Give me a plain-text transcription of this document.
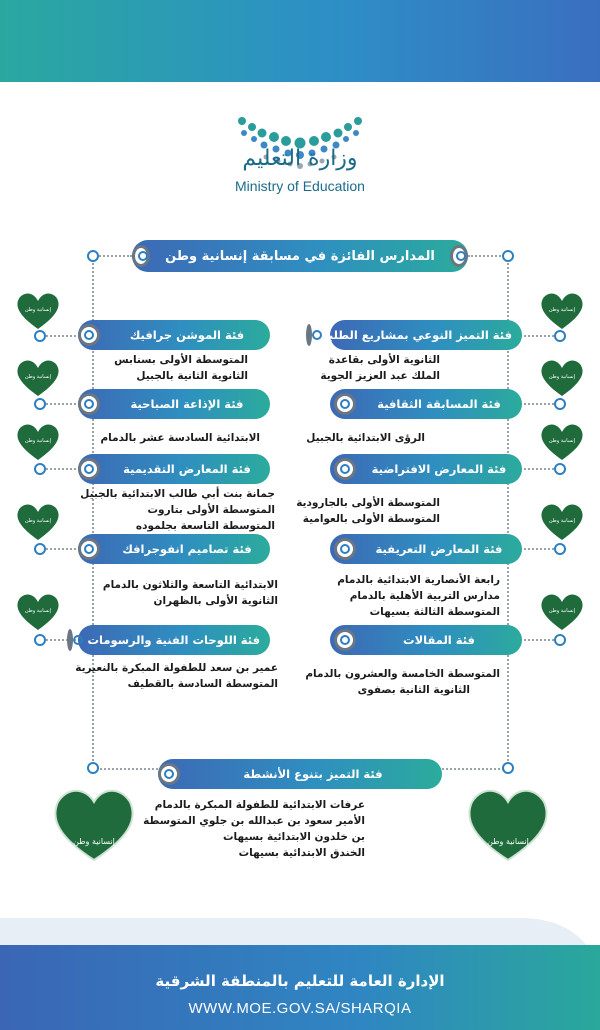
وزارة التعليم
Ministry of Education
المدارس الفائزة في مسابقة إنسانية وطن
إنسانية وطن
إنسانية وطن
إنسانية وطن
إنسانية وطن
إنسانية وطن
إنسانية وطن
إنسانية وطن
إنسانية وطن
إنسانية وطن
إنسانية وطن
فئة التميز النوعي بمشاريع الطلبة
الثانوية الأولى بقاعدة
الملك عبد العزيز الجوية
فئة المسابقة الثقافية
الرؤى الابتدائية بالجبيل
فئة المعارض الافتراضية
المتوسطة الأولى بالجارودية
المتوسطة الأولى بالعوامية
فئة المعارض التعريفية
رابعة الأنصارية الابتدائية بالدمام
مدارس التربية الأهلية بالدمام
المتوسطة الثالثة بسيهات
فئة المقالات
المتوسطة الخامسة والعشرون بالدمام
الثانوية الثانية بصفوى
فئة الموشن جرافيك
المتوسطة الأولى بسنابس
الثانوية الثانية بالجبيل
فئة الإذاعة الصباحية
الابتدائية السادسة عشر بالدمام
فئة المعارض التقديمية
جمانة بنت أبي طالب الابتدائية بالجبيل
المتوسطة الأولى بتاروت
المتوسطة التاسعة بجلموده
فئة تصاميم انفوجرافك
الابتدائية التاسعة والثلاثون بالدمام
الثانوية الأولى بالظهران
فئة اللوحات الفنية والرسومات
عمير بن سعد للطفولة المبكرة بالنعيرية
المتوسطة السادسة بالقطيف
فئة التميز بتنوع الأنشطة
عرفات الابتدائية للطفولة المبكرة بالدمام
الأمير سعود بن عبدالله بن جلوي المتوسطة
بن خلدون الابتدائية بسيهات
الخندق الابتدائية بسيهات
إنسانية وطن	إنسانية وطن
الإدارة العامة للتعليم بالمنطقة الشرقية
WWW.MOE.GOV.SA/SHARQIA
